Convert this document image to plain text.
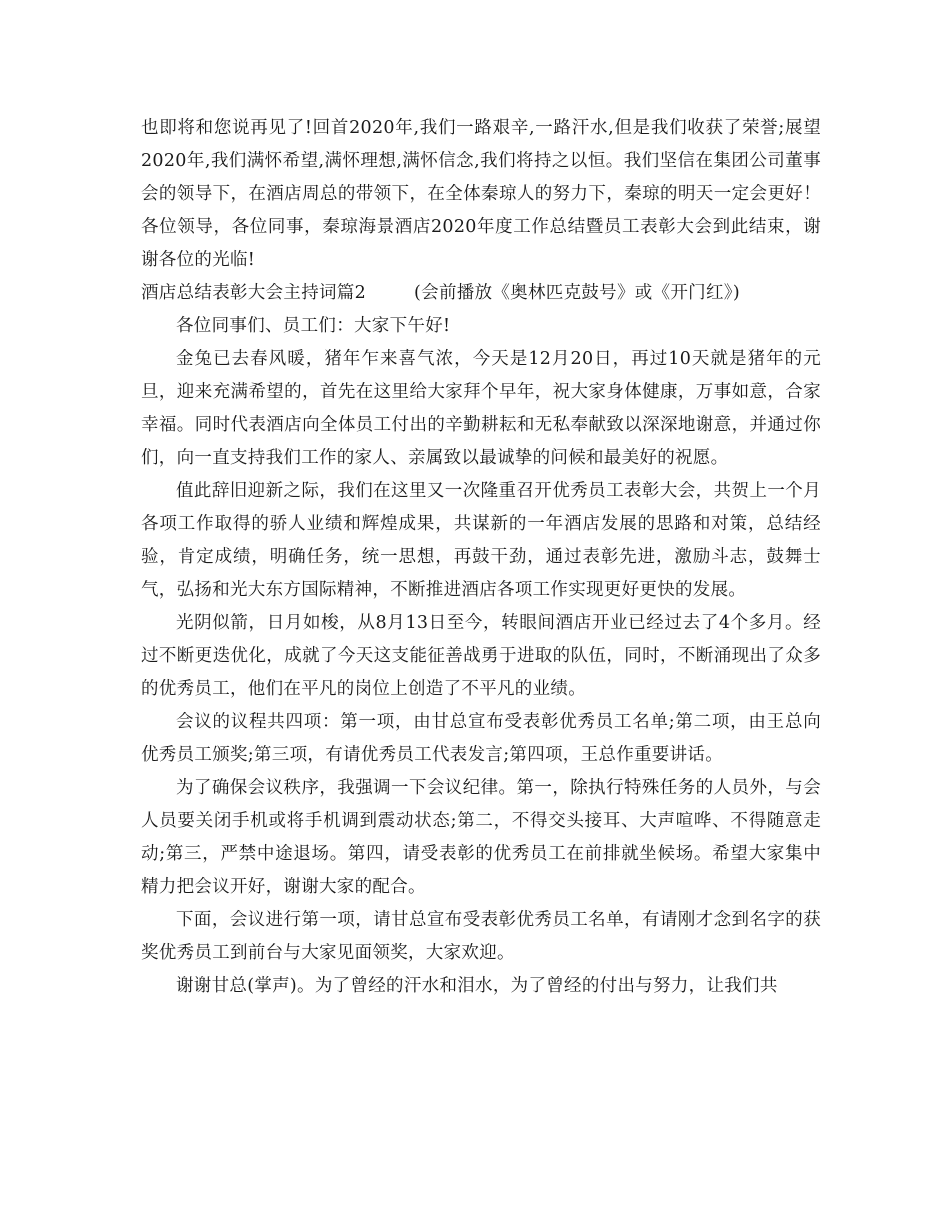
也即将和您说再见了!回首2020年,我们一路艰辛,一路汗水,但是我们收获了荣誉;展望2020年,我们满怀希望,满怀理想,满怀信念,我们将持之以恒。我们坚信在集团公司董事会的领导下，在酒店周总的带领下，在全体秦琼人的努力下，秦琼的明天一定会更好！ 各位领导，各位同事，秦琼海景酒店2020年度工作总结暨员工表彰大会到此结束，谢谢各位的光临!

酒店总结表彰大会主持词篇2	(会前播放《奥林匹克鼓号》或《开门红》)

各位同事们、员工们：大家下午好!

金兔已去春风暖，猪年乍来喜气浓，今天是12月20日，再过10天就是猪年的元旦，迎来充满希望的，首先在这里给大家拜个早年，祝大家身体健康，万事如意，合家幸福。同时代表酒店向全体员工付出的辛勤耕耘和无私奉献致以深深地谢意，并通过你们，向一直支持我们工作的家人、亲属致以最诚挚的问候和最美好的祝愿。

值此辞旧迎新之际，我们在这里又一次隆重召开优秀员工表彰大会，共贺上一个月各项工作取得的骄人业绩和辉煌成果，共谋新的一年酒店发展的思路和对策，总结经验，肯定成绩，明确任务，统一思想，再鼓干劲，通过表彰先进，激励斗志，鼓舞士气，弘扬和光大东方国际精神，不断推进酒店各项工作实现更好更快的发展。

光阴似箭，日月如梭，从8月13日至今，转眼间酒店开业已经过去了4个多月。经过不断更迭优化，成就了今天这支能征善战勇于进取的队伍，同时，不断涌现出了众多的优秀员工，他们在平凡的岗位上创造了不平凡的业绩。

会议的议程共四项：第一项，由甘总宣布受表彰优秀员工名单;第二项，由王总向优秀员工颁奖;第三项，有请优秀员工代表发言;第四项，王总作重要讲话。

为了确保会议秩序，我强调一下会议纪律。第一，除执行特殊任务的人员外，与会人员要关闭手机或将手机调到震动状态;第二，不得交头接耳、大声喧哗、不得随意走动;第三，严禁中途退场。第四，请受表彰的优秀员工在前排就坐候场。希望大家集中精力把会议开好，谢谢大家的配合。

下面，会议进行第一项，请甘总宣布受表彰优秀员工名单，有请刚才念到名字的获奖优秀员工到前台与大家见面领奖，大家欢迎。

谢谢甘总(掌声)。为了曾经的汗水和泪水，为了曾经的付出与努力，让我们共
